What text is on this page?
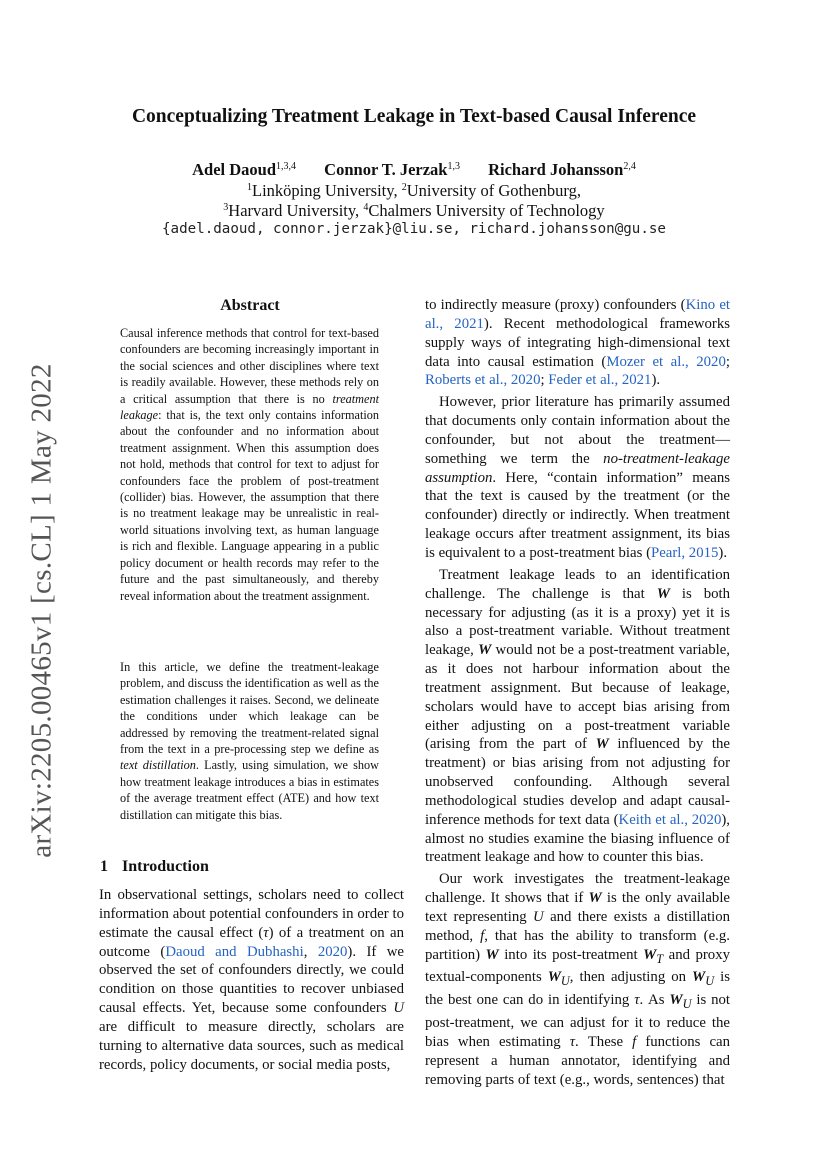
arXiv:2205.00465v1 [cs.CL] 1 May 2022
Conceptualizing Treatment Leakage in Text-based Causal Inference
Adel Daoud$^{1,3,4}$ Connor T. Jerzak$^{1,3}$ Richard Johansson$^{2,4}$
$^1$Linköping University, $^2$University of Gothenburg,
$^3$Harvard University, $^4$Chalmers University of Technology
{adel.daoud, connor.jerzak}@liu.se, richard.johansson@gu.se
Abstract
Causal inference methods that control for text-based confounders are becoming increasingly important in the social sciences and other disciplines where text is readily available. However, these methods rely on a critical assumption that there is no treatment leakage: that is, the text only contains information about the confounder and no information about treatment assignment. When this assumption does not hold, methods that control for text to adjust for confounders face the problem of post-treatment (collider) bias. However, the assumption that there is no treatment leakage may be unrealistic in real-world situations involving text, as human language is rich and flexible. Language appearing in a public policy document or health records may refer to the future and the past simultaneously, and thereby reveal information about the treatment assignment.
In this article, we define the treatment-leakage problem, and discuss the identification as well as the estimation challenges it raises. Second, we delineate the conditions under which leakage can be addressed by removing the treatment-related signal from the text in a pre-processing step we define as text distillation. Lastly, using simulation, we show how treatment leakage introduces a bias in estimates of the average treatment effect (ATE) and how text distillation can mitigate this bias.
1 Introduction

In observational settings, scholars need to collect information about potential confounders in order to estimate the causal effect (τ) of a treatment on an outcome (Daoud and Dubhashi, 2020). If we observed the set of confounders directly, we could condition on those quantities to recover unbiased causal effects. Yet, because some confounders U are difficult to measure directly, scholars are turning to alternative data sources, such as medical records, policy documents, or social media posts,

to indirectly measure (proxy) confounders (Kino et al., 2021). Recent methodological frameworks supply ways of integrating high-dimensional text data into causal estimation (Mozer et al., 2020; Roberts et al., 2020; Feder et al., 2021).

However, prior literature has primarily assumed that documents only contain information about the confounder, but not about the treatment—something we term the no-treatment-leakage assumption. Here, “contain information” means that the text is caused by the treatment (or the confounder) directly or indirectly. When treatment leakage occurs after treatment assignment, its bias is equivalent to a post-treatment bias (Pearl, 2015).

Treatment leakage leads to an identification challenge. The challenge is that W is both necessary for adjusting (as it is a proxy) yet it is also a post-treatment variable. Without treatment leakage, W would not be a post-treatment variable, as it does not harbour information about the treatment assignment. But because of leakage, scholars would have to accept bias arising from either adjusting on a post-treatment variable (arising from the part of W influenced by the treatment) or bias arising from not adjusting for unobserved confounding. Although several methodological studies develop and adapt causal-inference methods for text data (Keith et al., 2020), almost no studies examine the biasing influence of treatment leakage and how to counter this bias.

Our work investigates the treatment-leakage challenge. It shows that if W is the only available text representing U and there exists a distillation method, f, that has the ability to transform (e.g. partition) W into its post-treatment $W_T$ and proxy textual-components $W_U$, then adjusting on $W_U$ is the best one can do in identifying τ. As $W_U$ is not post-treatment, we can adjust for it to reduce the bias when estimating τ. These f functions can represent a human annotator, identifying and removing parts of text (e.g., words, sentences) that
